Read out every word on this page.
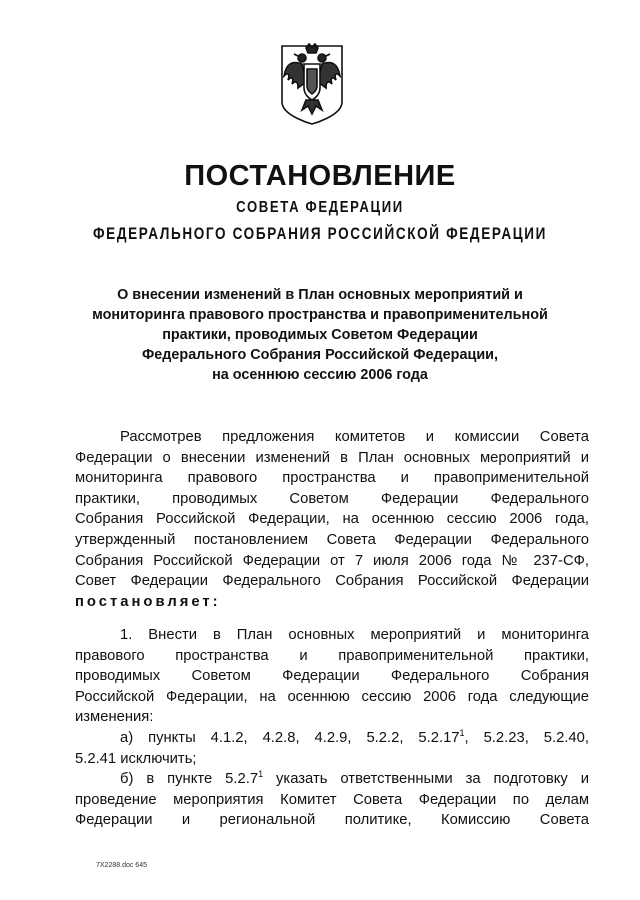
ПОСТАНОВЛЕНИЕ
СОВЕТА ФЕДЕРАЦИИ
ФЕДЕРАЛЬНОГО СОБРАНИЯ РОССИЙСКОЙ ФЕДЕРАЦИИ
О внесении изменений в План основных мероприятий и
мониторинга правового пространства и правоприменительной
практики, проводимых Советом Федерации
Федерального Собрания Российской Федерации,
на осеннюю сессию 2006 года
Рассмотрев предложения комитетов и комиссии Совета
Федерации о внесении изменений в План основных мероприятий и
мониторинга правового пространства и правоприменительной
практики, проводимых Советом Федерации Федерального
Собрания Российской Федерации, на осеннюю сессию 2006 года,
утвержденный постановлением Совета Федерации Федерального
Собрания Российской Федерации от 7 июля 2006 года № 237-СФ,
Совет Федерации Федерального Собрания Российской Федерации
постановляет:
1. Внести в План основных мероприятий и мониторинга
правового пространства и правоприменительной практики,
проводимых Советом Федерации Федерального Собрания
Российской Федерации, на осеннюю сессию 2006 года следующие
изменения:
а) пункты 4.1.2, 4.2.8, 4.2.9, 5.2.2, 5.2.17$^1$, 5.2.23, 5.2.40,
5.2.41 исключить;
б) в пункте 5.2.7$^1$ указать ответственными за подготовку и
проведение мероприятия Комитет Совета Федерации по делам
Федерации и региональной политике, Комиссию Совета
7X2288.doc 645
